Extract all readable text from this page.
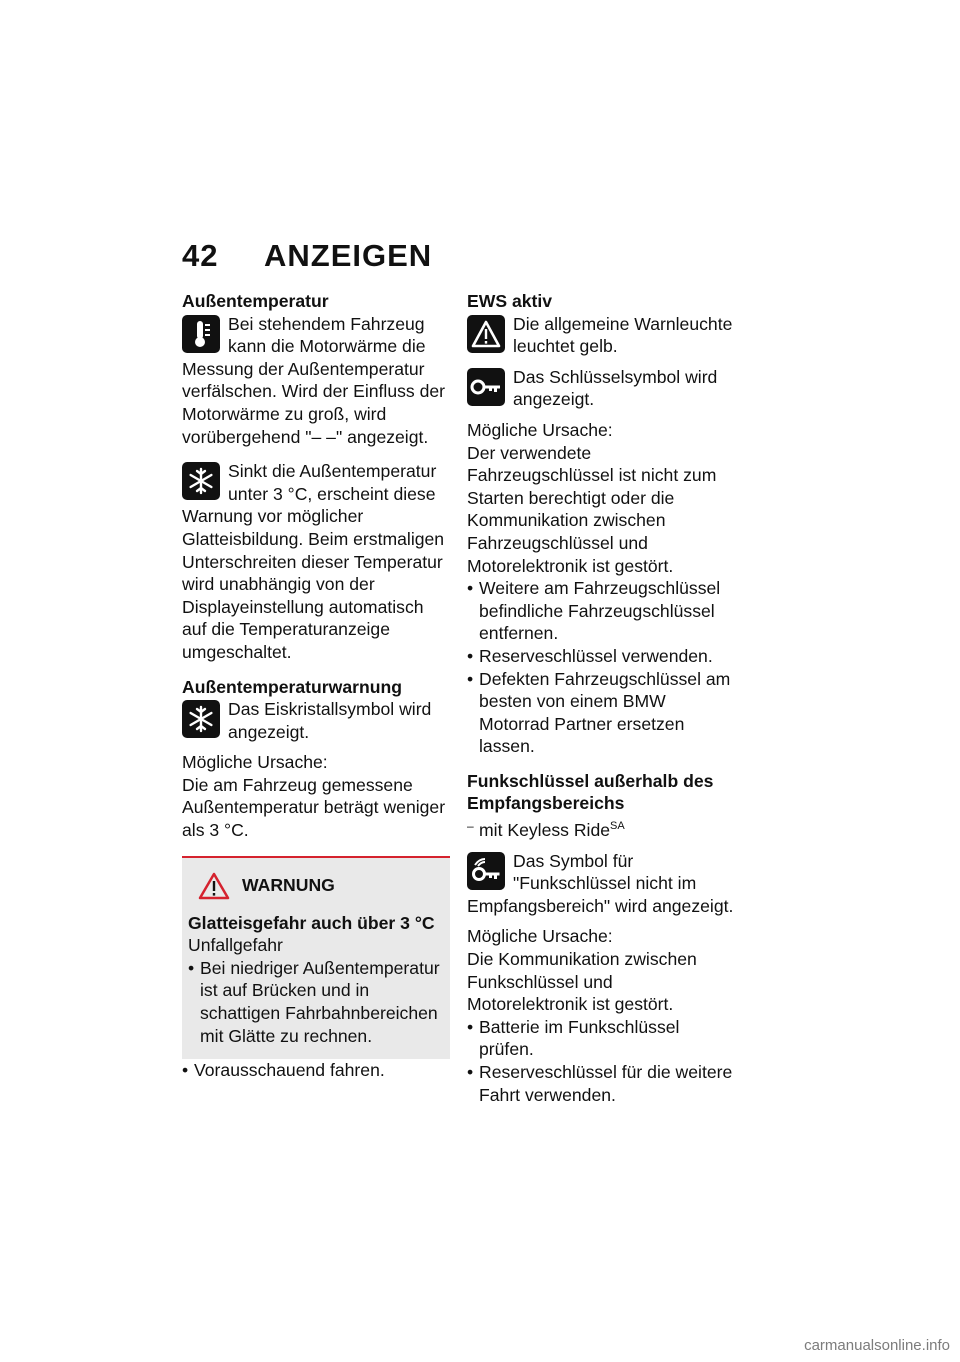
42 ANZEIGEN

Außentemperatur

Bei stehendem Fahrzeug kann die Motorwärme die Messung der Außentemperatur verfälschen. Wird der Einfluss der Motorwärme zu groß, wird vorübergehend "– –" angezeigt.
Sinkt die Außentemperatur unter 3 °C, erscheint diese Warnung vor möglicher Glatteisbildung. Beim erstmaligen Unterschreiten dieser Temperatur wird unabhängig von der Displayeinstellung automatisch auf die Temperaturanzeige umgeschaltet.

Außentemperaturwarnung

Das Eiskristallsymbol wird angezeigt.

Mögliche Ursache:

Die am Fahrzeug gemessene Außentemperatur beträgt weniger als 3 °C.

WARNUNG

Glatteisgefahr auch über 3 °C

Unfallgefahr

• Bei niedriger Außentemperatur ist auf Brücken und in schattigen Fahrbahnbereichen mit Glätte zu rechnen.
• Vorausschauend fahren.

EWS aktiv

Die allgemeine Warnleuchte leuchtet gelb.
Das Schlüsselsymbol wird angezeigt.

Mögliche Ursache:

Der verwendete Fahrzeugschlüssel ist nicht zum Starten berechtigt oder die Kommunikation zwischen Fahrzeugschlüssel und Motorelektronik ist gestört.

• Weitere am Fahrzeugschlüssel befindliche Fahrzeugschlüssel entfernen.
• Reserveschlüssel verwenden.
• Defekten Fahrzeugschlüssel am besten von einem BMW Motorrad Partner ersetzen lassen.

Funkschlüssel außerhalb des Empfangsbereichs

– mit Keyless Ride$^{SA}$

Das Symbol für "Funkschlüssel nicht im Empfangsbereich" wird angezeigt.

Mögliche Ursache:

Die Kommunikation zwischen Funkschlüssel und Motorelektronik ist gestört.

• Batterie im Funkschlüssel prüfen.
• Reserveschlüssel für die weitere Fahrt verwenden.
carmanualsonline.info
